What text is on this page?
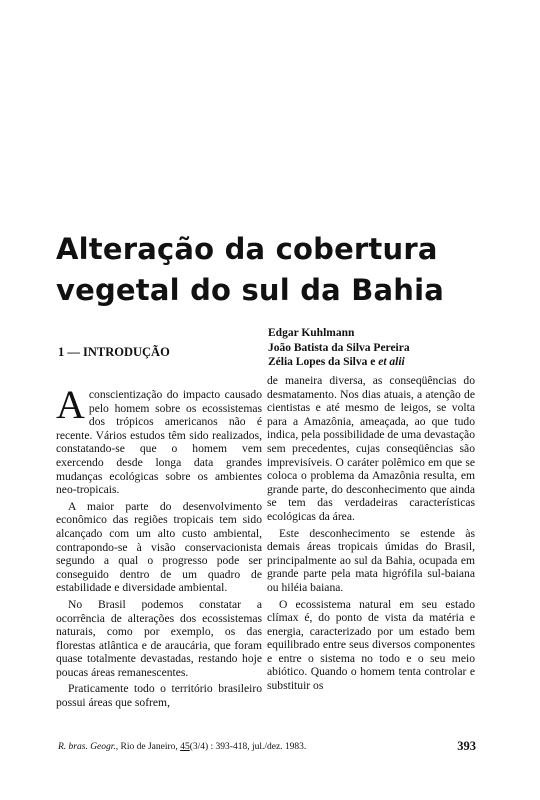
Alteração da cobertura
vegetal do sul da Bahia
Edgar Kuhlmann
João Batista da Silva Pereira
Zélia Lopes da Silva e et alii
1 — INTRODUÇÃO

Aconscientização do impacto causado pelo homem sobre os ecossistemas dos trópicos americanos não é recente. Vários estudos têm sido realizados, constatando-se que o homem vem exercendo desde longa data grandes mudanças ecológicas sobre os ambientes neo-tropicais.

A maior parte do desenvolvimento econômico das regiões tropicais tem sido alcançado com um alto custo ambiental, contrapondo-se à visão conservacionista segundo a qual o progresso pode ser conseguido dentro de um quadro de estabilidade e diversidade ambiental.

No Brasil podemos constatar a ocorrência de alterações dos ecossistemas naturais, como por exemplo, os das florestas atlântica e de araucária, que foram quase totalmente devastadas, restando hoje poucas áreas remanescentes.

Praticamente todo o território brasileiro possui áreas que sofrem,

de maneira diversa, as conseqüências do desmatamento. Nos dias atuais, a atenção de cientistas e até mesmo de leigos, se volta para a Amazônia, ameaçada, ao que tudo indica, pela possibilidade de uma devastação sem precedentes, cujas conseqüências são imprevisíveis. O caráter polêmico em que se coloca o problema da Amazônia resulta, em grande parte, do desconhecimento que ainda se tem das verdadeiras características ecológicas da área.

Este desconhecimento se estende às demais áreas tropicais úmidas do Brasil, principalmente ao sul da Bahia, ocupada em grande parte pela mata higrófila sul-baiana ou hiléia baiana.

O ecossistema natural em seu estado clímax é, do ponto de vista da matéria e energia, caracterizado por um estado bem equilibrado entre seus diversos componentes e entre o sistema no todo e o seu meio abiótico. Quando o homem tenta controlar e substituir os

R. bras. Geogr., Rio de Janeiro, 45(3/4) : 393-418, jul./dez. 1983.	393
